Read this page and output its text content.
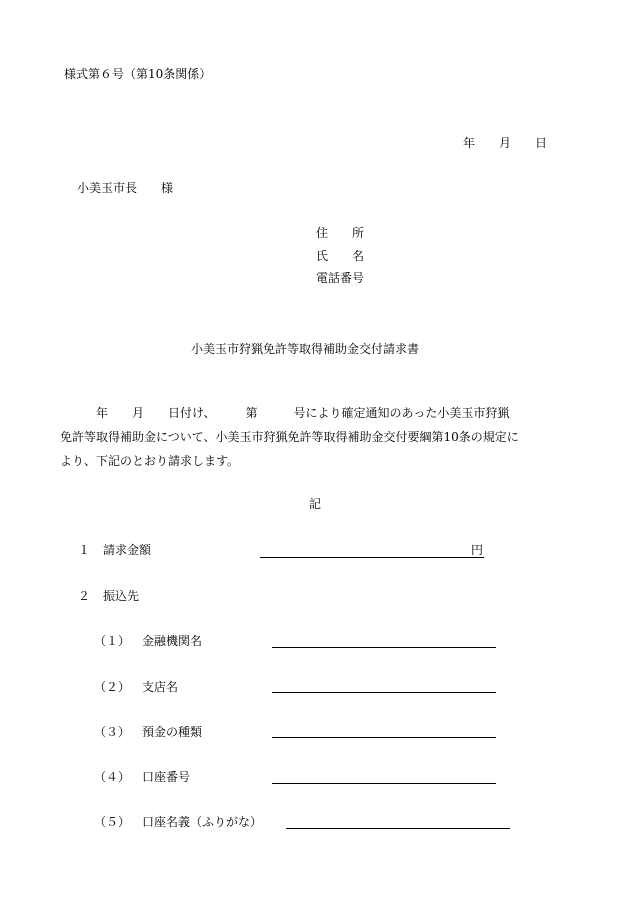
様式第６号（第10条関係）
年　　月　　日
小美玉市長　　様
住　　所
氏　　名
電話番号
小美玉市狩猟免許等取得補助金交付請求書
　　　年　　月　　日付け、　　　第　　　号により確定通知のあった小美玉市狩猟
免許等取得補助金について、小美玉市狩猟免許等取得補助金交付要綱第10条の規定に
より、下記のとおり請求します。
記
１ 請求金額	円
２ 振込先
（１） 金融機関名
（２） 支店名
（３） 預金の種類
（４） 口座番号
（５） 口座名義（ふりがな）
